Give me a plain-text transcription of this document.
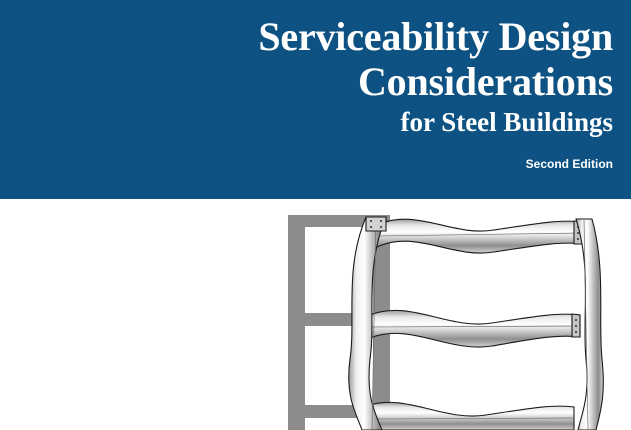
Serviceability Design
Considerations
for Steel Buildings
Second Edition
